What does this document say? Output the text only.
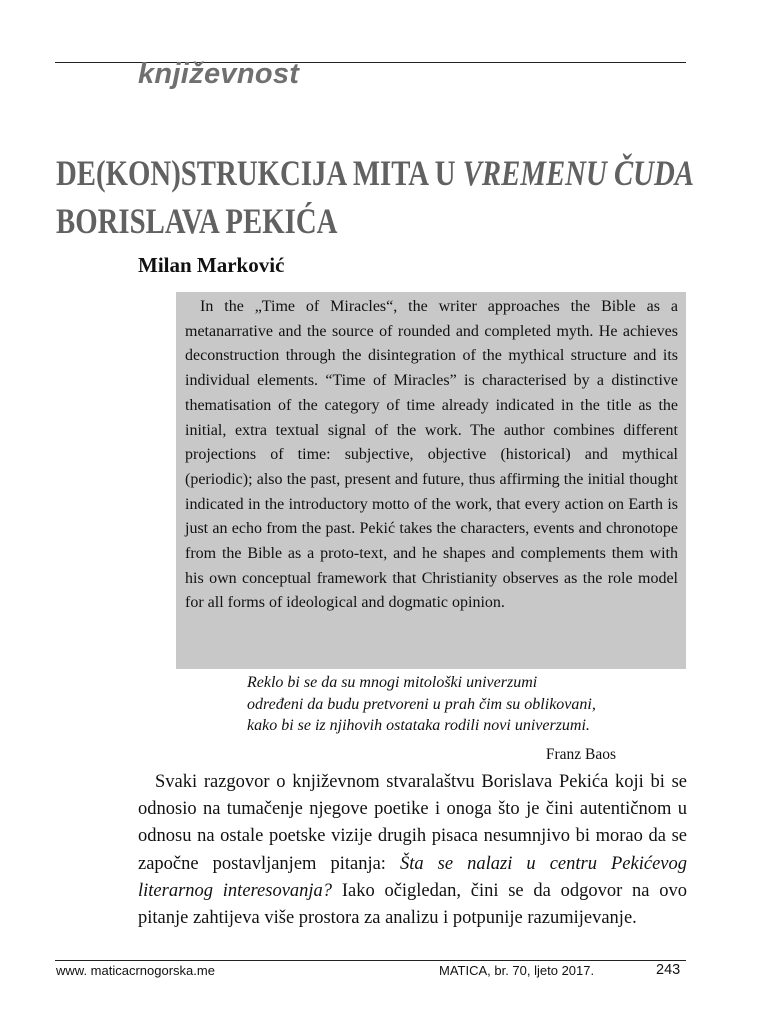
književnost
DE(KON)STRUKCIJA MITA U VREMENU ČUDA
BORISLAVA PEKIĆA
Milan Marković

In the „Time of Miracles“, the writer approaches the Bible as a metanarrative and the source of rounded and completed myth. He achieves deconstruction through the disintegration of the mythical structure and its individual elements. “Time of Miracles” is characterised by a distinctive thematisation of the category of time already indicated in the title as the initial, extra textual signal of the work. The author combines different projections of time: subjective, objective (historical) and mythical (periodic); also the past, present and future, thus affirming the initial thought indicated in the introductory motto of the work, that every action on Earth is just an echo from the past. Pekić takes the characters, events and chronotope from the Bible as a proto-text, and he shapes and complements them with his own conceptual framework that Christianity observes as the role model for all forms of ideological and dogmatic opinion.

Reklo bi se da su mnogi mitološki univerzumi
određeni da budu pretvoreni u prah čim su oblikovani,
kako bi se iz njihovih ostataka rodili novi univerzumi.
Franz Baos

Svaki razgovor o književnom stvaralaštvu Borislava Pekića koji bi se odnosio na tumačenje njegove poetike i onoga što je čini autentičnom u odnosu na ostale poetske vizije drugih pisaca nesumnjivo bi morao da se započne postavljanjem pitanja: Šta se nalazi u centru Pekićevog literarnog interesovanja? Iako očigledan, čini se da odgovor na ovo pitanje zahtijeva više prostora za analizu i potpunije razumijevanje.

www. maticacrnogorska.me	MATICA, br. 70, ljeto 2017.	243
